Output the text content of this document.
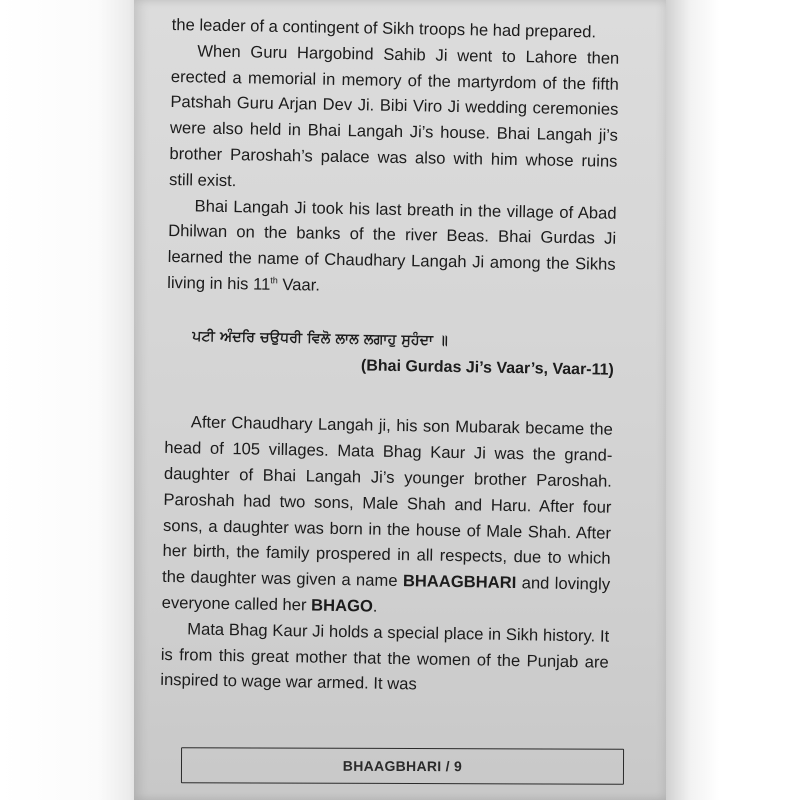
the leader of a contingent of Sikh troops he had prepared.

When Guru Hargobind Sahib Ji went to Lahore then erected a memorial in memory of the martyrdom of the fifth Patshah Guru Arjan Dev Ji. Bibi Viro Ji wedding ceremonies were also held in Bhai Langah Ji’s house. Bhai Langah ji’s brother Paroshah’s palace was also with him whose ruins still exist.

Bhai Langah Ji took his last breath in the village of Abad Dhilwan on the banks of the river Beas. Bhai Gurdas Ji learned the name of Chaudhary Langah Ji among the Sikhs living in his 11th Vaar.

ਪਟੀ ਅੰਦਰਿ ਚਉਧਰੀ ਵਿਲੋ ਲਾਲ ਲਗਾਹੁ ਸੁਹੰਦਾ ॥

(Bhai Gurdas Ji’s Vaar’s, Vaar-11)

After Chaudhary Langah ji, his son Mubarak became the head of 105 villages. Mata Bhag Kaur Ji was the grand-daughter of Bhai Langah Ji’s younger brother Paroshah. Paroshah had two sons, Male Shah and Haru. After four sons, a daughter was born in the house of Male Shah. After her birth, the family prospered in all respects, due to which the daughter was given a name BHAAGBHARI and lovingly everyone called her BHAGO.

Mata Bhag Kaur Ji holds a special place in Sikh history. It is from this great mother that the women of the Punjab are inspired to wage war armed. It was

BHAAGBHARI / 9
